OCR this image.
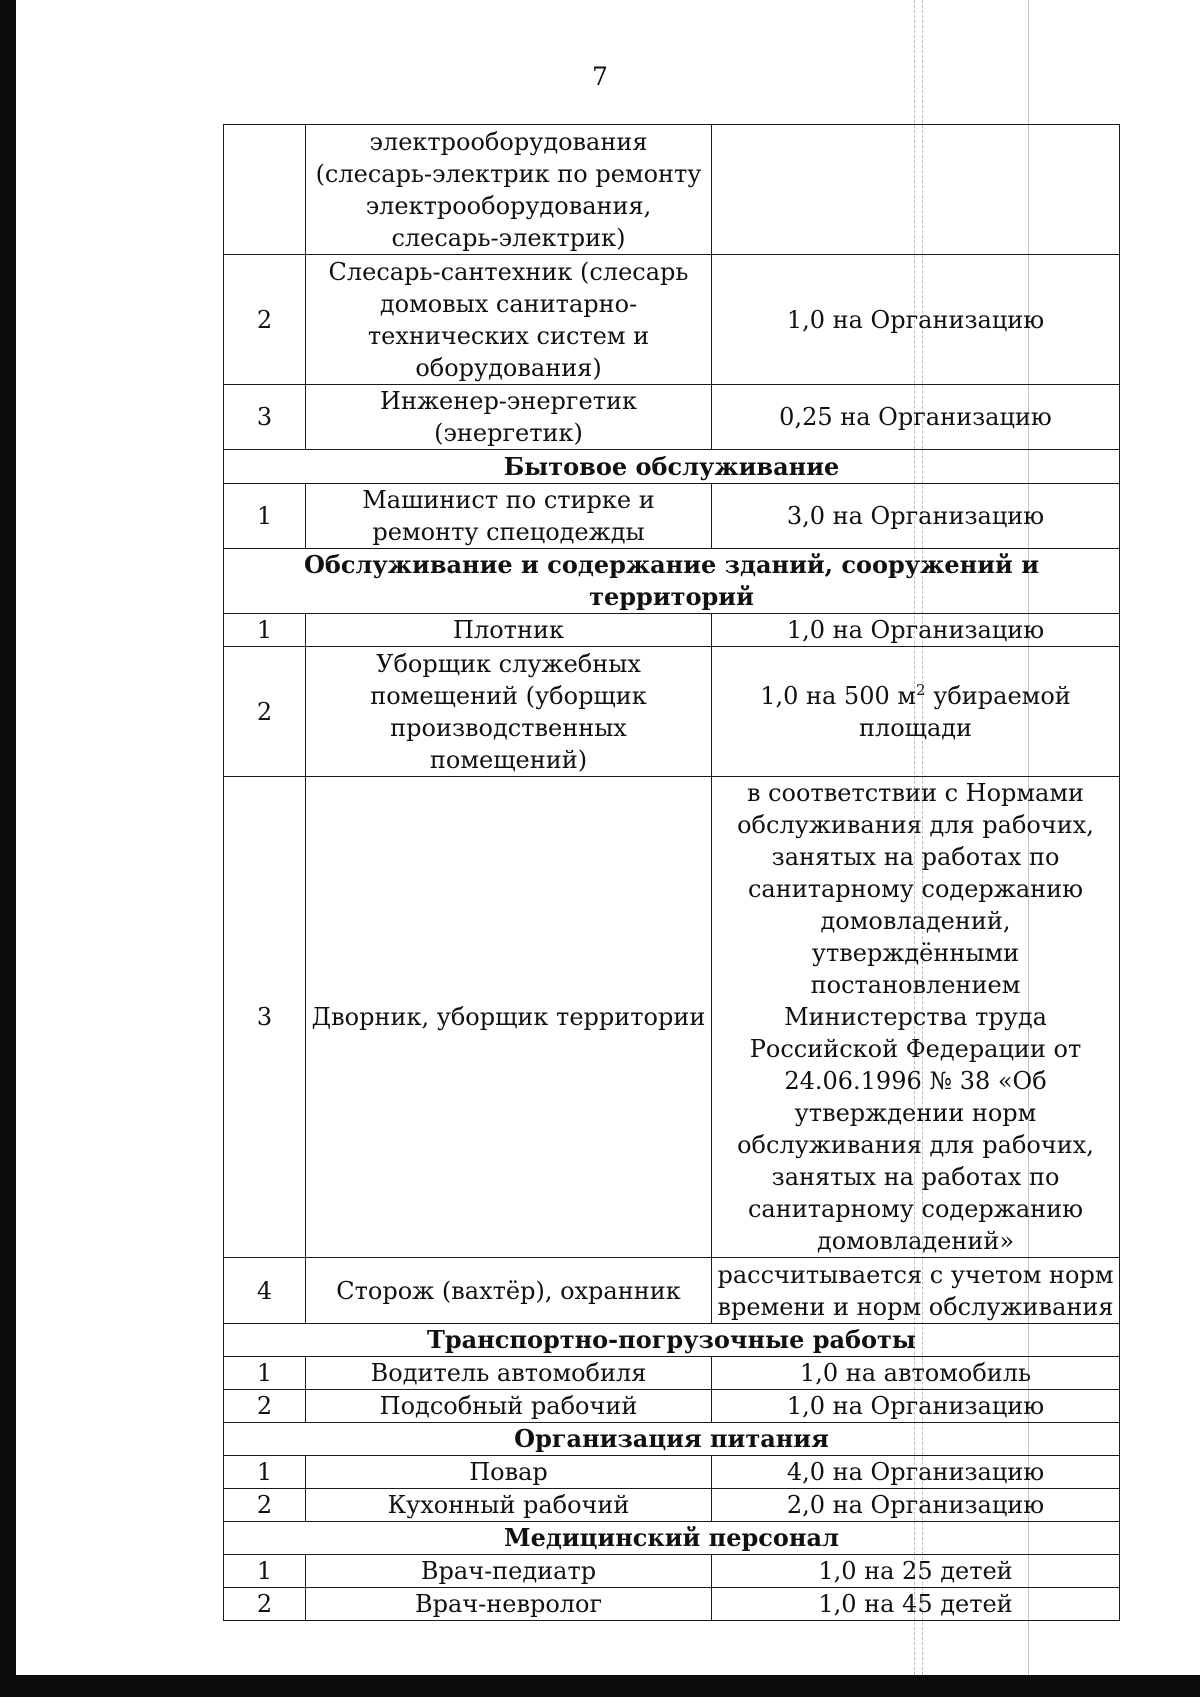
7
	электрооборудования (слесарь-электрик по ремонту электрооборудования, слесарь-электрик)	
2	Слесарь-сантехник (слесарь домовых санитарно-технических систем и оборудования)	1,0 на Организацию
3	Инженер-энергетик (энергетик)	0,25 на Организацию
Бытовое обслуживание		
1	Машинист по стирке и ремонту спецодежды	3,0 на Организацию
Обслуживание и содержание зданий, сооружений и территорий		
1	Плотник	1,0 на Организацию
2	Уборщик служебных помещений (уборщик производственных помещений)	1,0 на 500 $м^2$ убираемой площади
3	Дворник, уборщик территории	в соответствии с Нормами обслуживания для рабочих, занятых на работах по санитарному содержанию домовладений, утверждёнными постановлением Министерства труда Российской Федерации от 24.06.1996 № 38 «Об утверждении норм обслуживания для рабочих, занятых на работах по санитарному содержанию домовладений»
4	Сторож (вахтёр), охранник	рассчитывается с учетом норм времени и норм обслуживания
Транспортно-погрузочные работы		
1	Водитель автомобиля	1,0 на автомобиль
2	Подсобный рабочий	1,0 на Организацию
Организация питания		
1	Повар	4,0 на Организацию
2	Кухонный рабочий	2,0 на Организацию
Медицинский персонал		
1	Врач-педиатр	1,0 на 25 детей
2	Врач-невролог	1,0 на 45 детей
